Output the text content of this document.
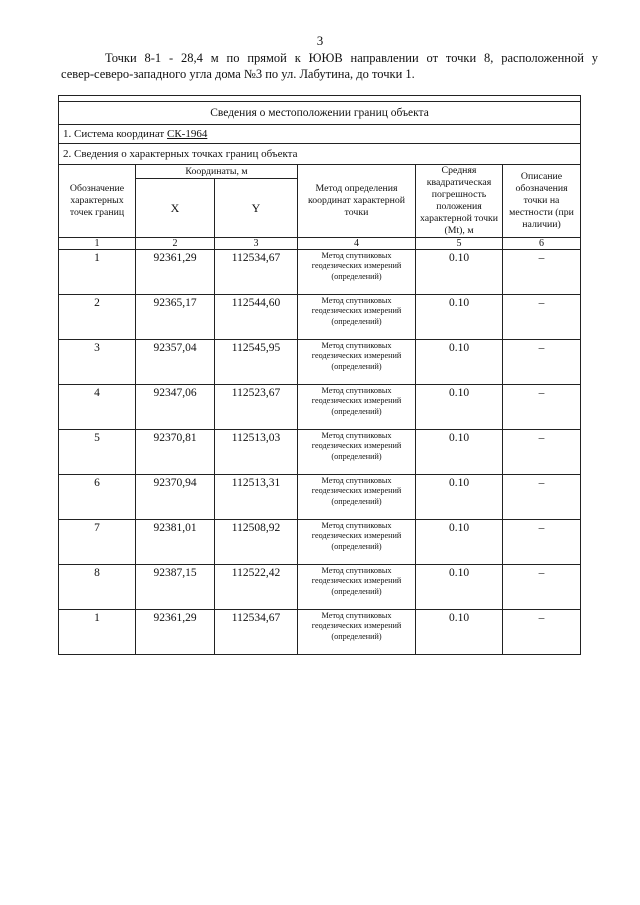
3
Точки 8-1 - 28,4 м по прямой к ЮЮВ направлении от точки 8, расположенной у
север-северо-западного угла дома №3 по ул. Лабутина, до точки 1.

Сведения о местоположении границ объекта					
1. Система координат СК-1964					
2. Сведения о характерных точках границ объекта					
Обозначение характерных точек границ	Координаты, м		Метод определения координат характерной точки	Средняя квадратическая погрешность положения характерной точки (Mt), м	Описание обозначения точки на местности (при наличии)
	X	Y			
1	2	3	4	5	6
1	92361,29	112534,67	Метод спутниковых геодезических измерений (определений)	0.10	–
2	92365,17	112544,60	Метод спутниковых геодезических измерений (определений)	0.10	–
3	92357,04	112545,95	Метод спутниковых геодезических измерений (определений)	0.10	–
4	92347,06	112523,67	Метод спутниковых геодезических измерений (определений)	0.10	–
5	92370,81	112513,03	Метод спутниковых геодезических измерений (определений)	0.10	–
6	92370,94	112513,31	Метод спутниковых геодезических измерений (определений)	0.10	–
7	92381,01	112508,92	Метод спутниковых геодезических измерений (определений)	0.10	–
8	92387,15	112522,42	Метод спутниковых геодезических измерений (определений)	0.10	–
1	92361,29	112534,67	Метод спутниковых геодезических измерений (определений)	0.10	–
